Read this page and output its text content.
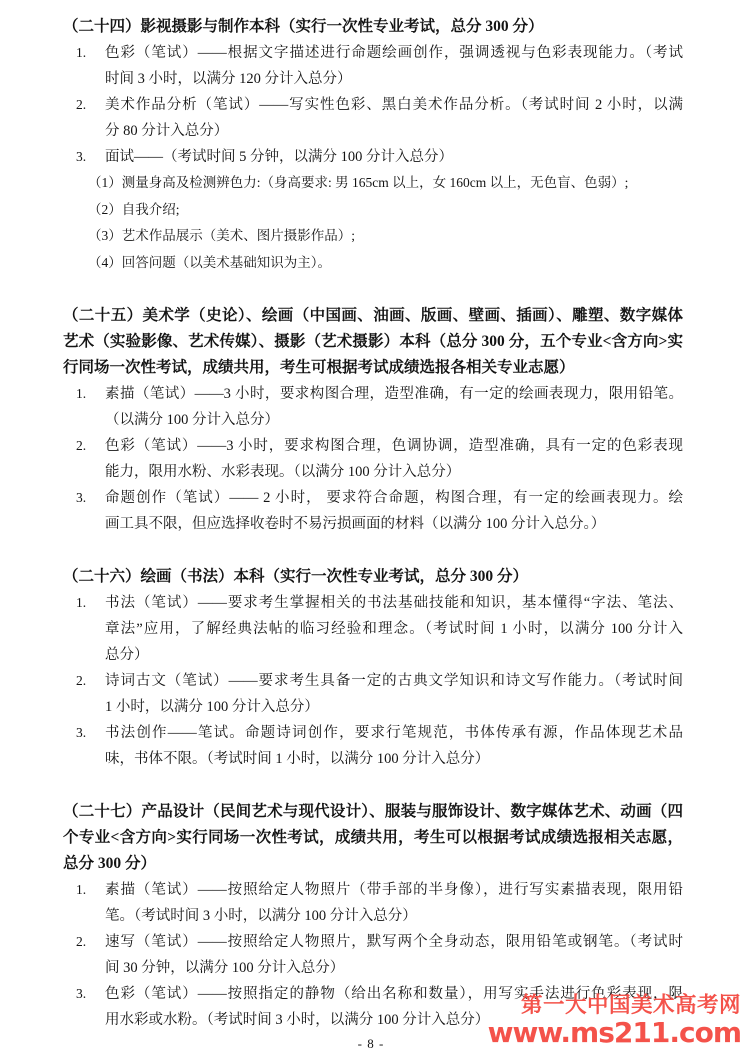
（二十四）影视摄影与制作本科（实行一次性专业考试，总分 300 分）
1. 色彩（笔试）——根据文字描述进行命题绘画创作，强调透视与色彩表现能力。（考试
时间 3 小时，以满分 120 分计入总分）
2. 美术作品分析（笔试）——写实性色彩、黑白美术作品分析。（考试时间 2 小时，以满
分 80 分计入总分）
3. 面试——（考试时间 5 分钟，以满分 100 分计入总分）
（1）测量身高及检测辨色力:（身高要求: 男 165cm 以上，女 160cm 以上，无色盲、色弱）;
（2）自我介绍;
（3）艺术作品展示（美术、图片摄影作品）;
（4）回答问题（以美术基础知识为主）。
（二十五）美术学（史论）、绘画（中国画、油画、版画、壁画、插画）、雕塑、数字媒体
艺术（实验影像、艺术传媒）、摄影（艺术摄影）本科（总分 300 分，五个专业<含方向>实
行同场一次性考试，成绩共用，考生可根据考试成绩选报各相关专业志愿）
1. 素描（笔试）——3 小时，要求构图合理，造型准确，有一定的绘画表现力，限用铅笔。
（以满分 100 分计入总分）
2. 色彩（笔试）——3 小时，要求构图合理，色调协调，造型准确，具有一定的色彩表现
能力，限用水粉、水彩表现。（以满分 100 分计入总分）
3. 命题创作（笔试）—— 2 小时， 要求符合命题，构图合理，有一定的绘画表现力。绘
画工具不限，但应选择收卷时不易污损画面的材料（以满分 100 分计入总分。）
（二十六）绘画（书法）本科（实行一次性专业考试，总分 300 分）
1. 书法（笔试）——要求考生掌握相关的书法基础技能和知识，基本懂得“字法、笔法、
章法”应用，了解经典法帖的临习经验和理念。（考试时间 1 小时，以满分 100 分计入
总分）
2. 诗词古文（笔试）——要求考生具备一定的古典文学知识和诗文写作能力。（考试时间
1 小时，以满分 100 分计入总分）
3. 书法创作——笔试。命题诗词创作，要求行笔规范，书体传承有源，作品体现艺术品
味，书体不限。（考试时间 1 小时，以满分 100 分计入总分）
（二十七）产品设计（民间艺术与现代设计）、服装与服饰设计、数字媒体艺术、动画（四
个专业<含方向>实行同场一次性考试，成绩共用，考生可以根据考试成绩选报相关志愿，
总分 300 分）
1. 素描（笔试）——按照给定人物照片（带手部的半身像），进行写实素描表现，限用铅
笔。（考试时间 3 小时，以满分 100 分计入总分）
2. 速写（笔试）——按照给定人物照片，默写两个全身动态，限用铅笔或钢笔。（考试时
间 30 分钟，以满分 100 分计入总分）
3. 色彩（笔试）——按照指定的静物（给出名称和数量），用写实手法进行色彩表现，限
用水彩或水粉。（考试时间 3 小时，以满分 100 分计入总分）
第一大中国美术高考网
www.ms211.com
- 8 -
